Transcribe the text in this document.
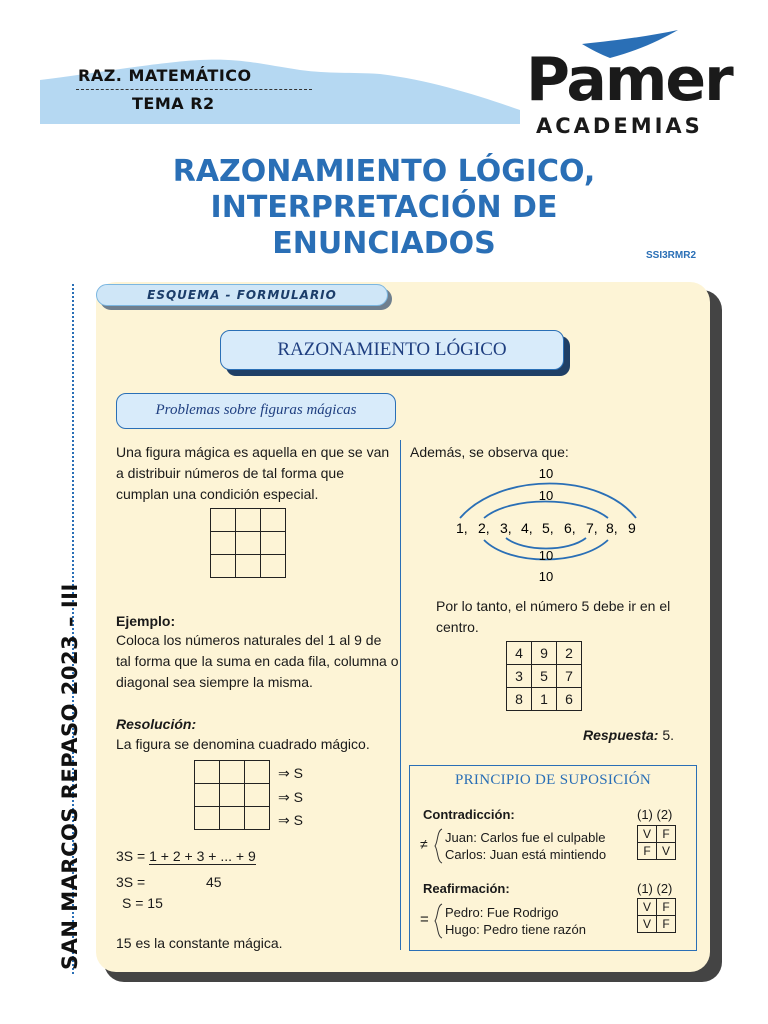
RAZ. MATEMÁTICO
TEMA R2	Pamer
ACADEMIAS
RAZONAMIENTO LÓGICO,
INTERPRETACIÓN DE
ENUNCIADOS	SSI3RMR2
SAN MARCOS REPASO 2023 – III
ESQUEMA - FORMULARIO
RAZONAMIENTO LÓGICO
Problemas sobre figuras mágicas
Una figura mágica es aquella en que se van a distribuir números de tal forma que cumplan una condición especial.

Ejemplo:
Coloca los números naturales del 1 al 9 de tal forma que la suma en cada fila, columna o diagonal sea siempre la misma.
Resolución:
La figura se denomina cuadrado mágico.

⇒ S
⇒ S
⇒ S
3S = 1 + 2 + 3 + ... + 9
3S =	45
S = 15
15 es la constante mágica.
Además, se observa que:
10
10
1, 2, 3, 4, 5, 6, 7, 8, 9
10
10
Por lo tanto, el número 5 debe ir en el centro.
4	9	2
3	5	7
8	1	6
Respuesta: 5.
PRINCIPIO DE SUPOSICIÓN
Contradicción:	(1) (2)
≠ Juan: Carlos fue el culpable
Carlos: Juan está mintiendo
V	F
F	V
Reafirmación:	(1) (2)
= Pedro: Fue Rodrigo
Hugo: Pedro tiene razón
V	F
V	F
